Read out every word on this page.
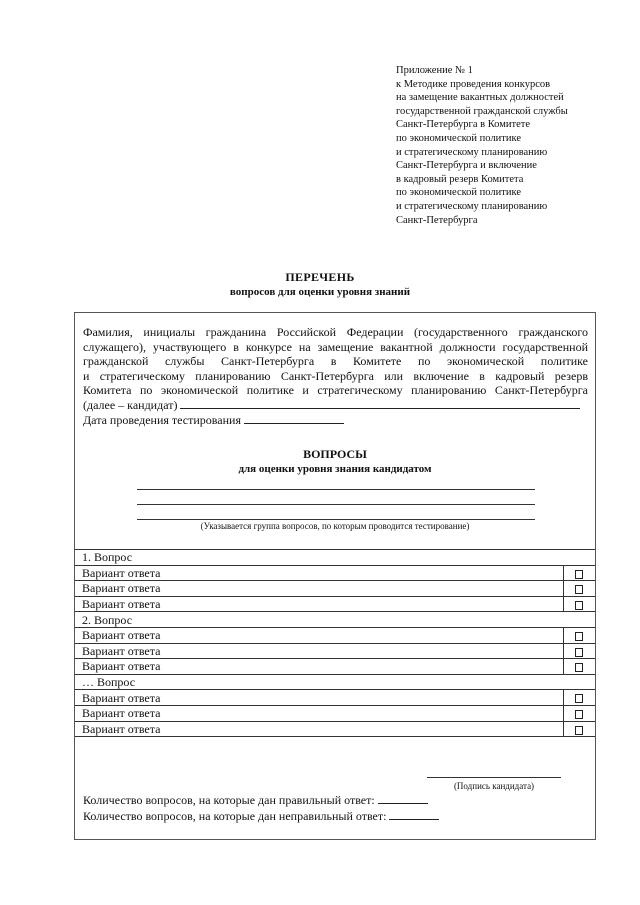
Приложение № 1
к Методике проведения конкурсов
на замещение вакантных должностей
государственной гражданской службы
Санкт-Петербурга в Комитете
по экономической политике
и стратегическому планированию
Санкт-Петербурга и включение
в кадровый резерв Комитета
по экономической политике
и стратегическому планированию
Санкт-Петербурга
ПЕРЕЧЕНЬ
вопросов для оценки уровня знаний
Фамилия, инициалы гражданина Российской Федерации (государственного гражданского
служащего), участвующего в конкурсе на замещение вакантной должности государственной
гражданской службы Санкт-Петербурга в Комитете по экономической политике
и стратегическому планированию Санкт-Петербурга или включение в кадровый резерв
Комитета по экономической политике и стратегическому планированию Санкт-Петербурга
(далее – кандидат)
Дата проведения тестирования
ВОПРОСЫ
для оценки уровня знания кандидатом
(Указывается группа вопросов, по которым проводится тестирование)
1. Вопрос	
Вариант ответа	
Вариант ответа	
Вариант ответа	
2. Вопрос	
Вариант ответа	
Вариант ответа	
Вариант ответа	
… Вопрос	
Вариант ответа	
Вариант ответа	
Вариант ответа	
(Подпись кандидата)
Количество вопросов, на которые дан правильный ответ:
Количество вопросов, на которые дан неправильный ответ:
